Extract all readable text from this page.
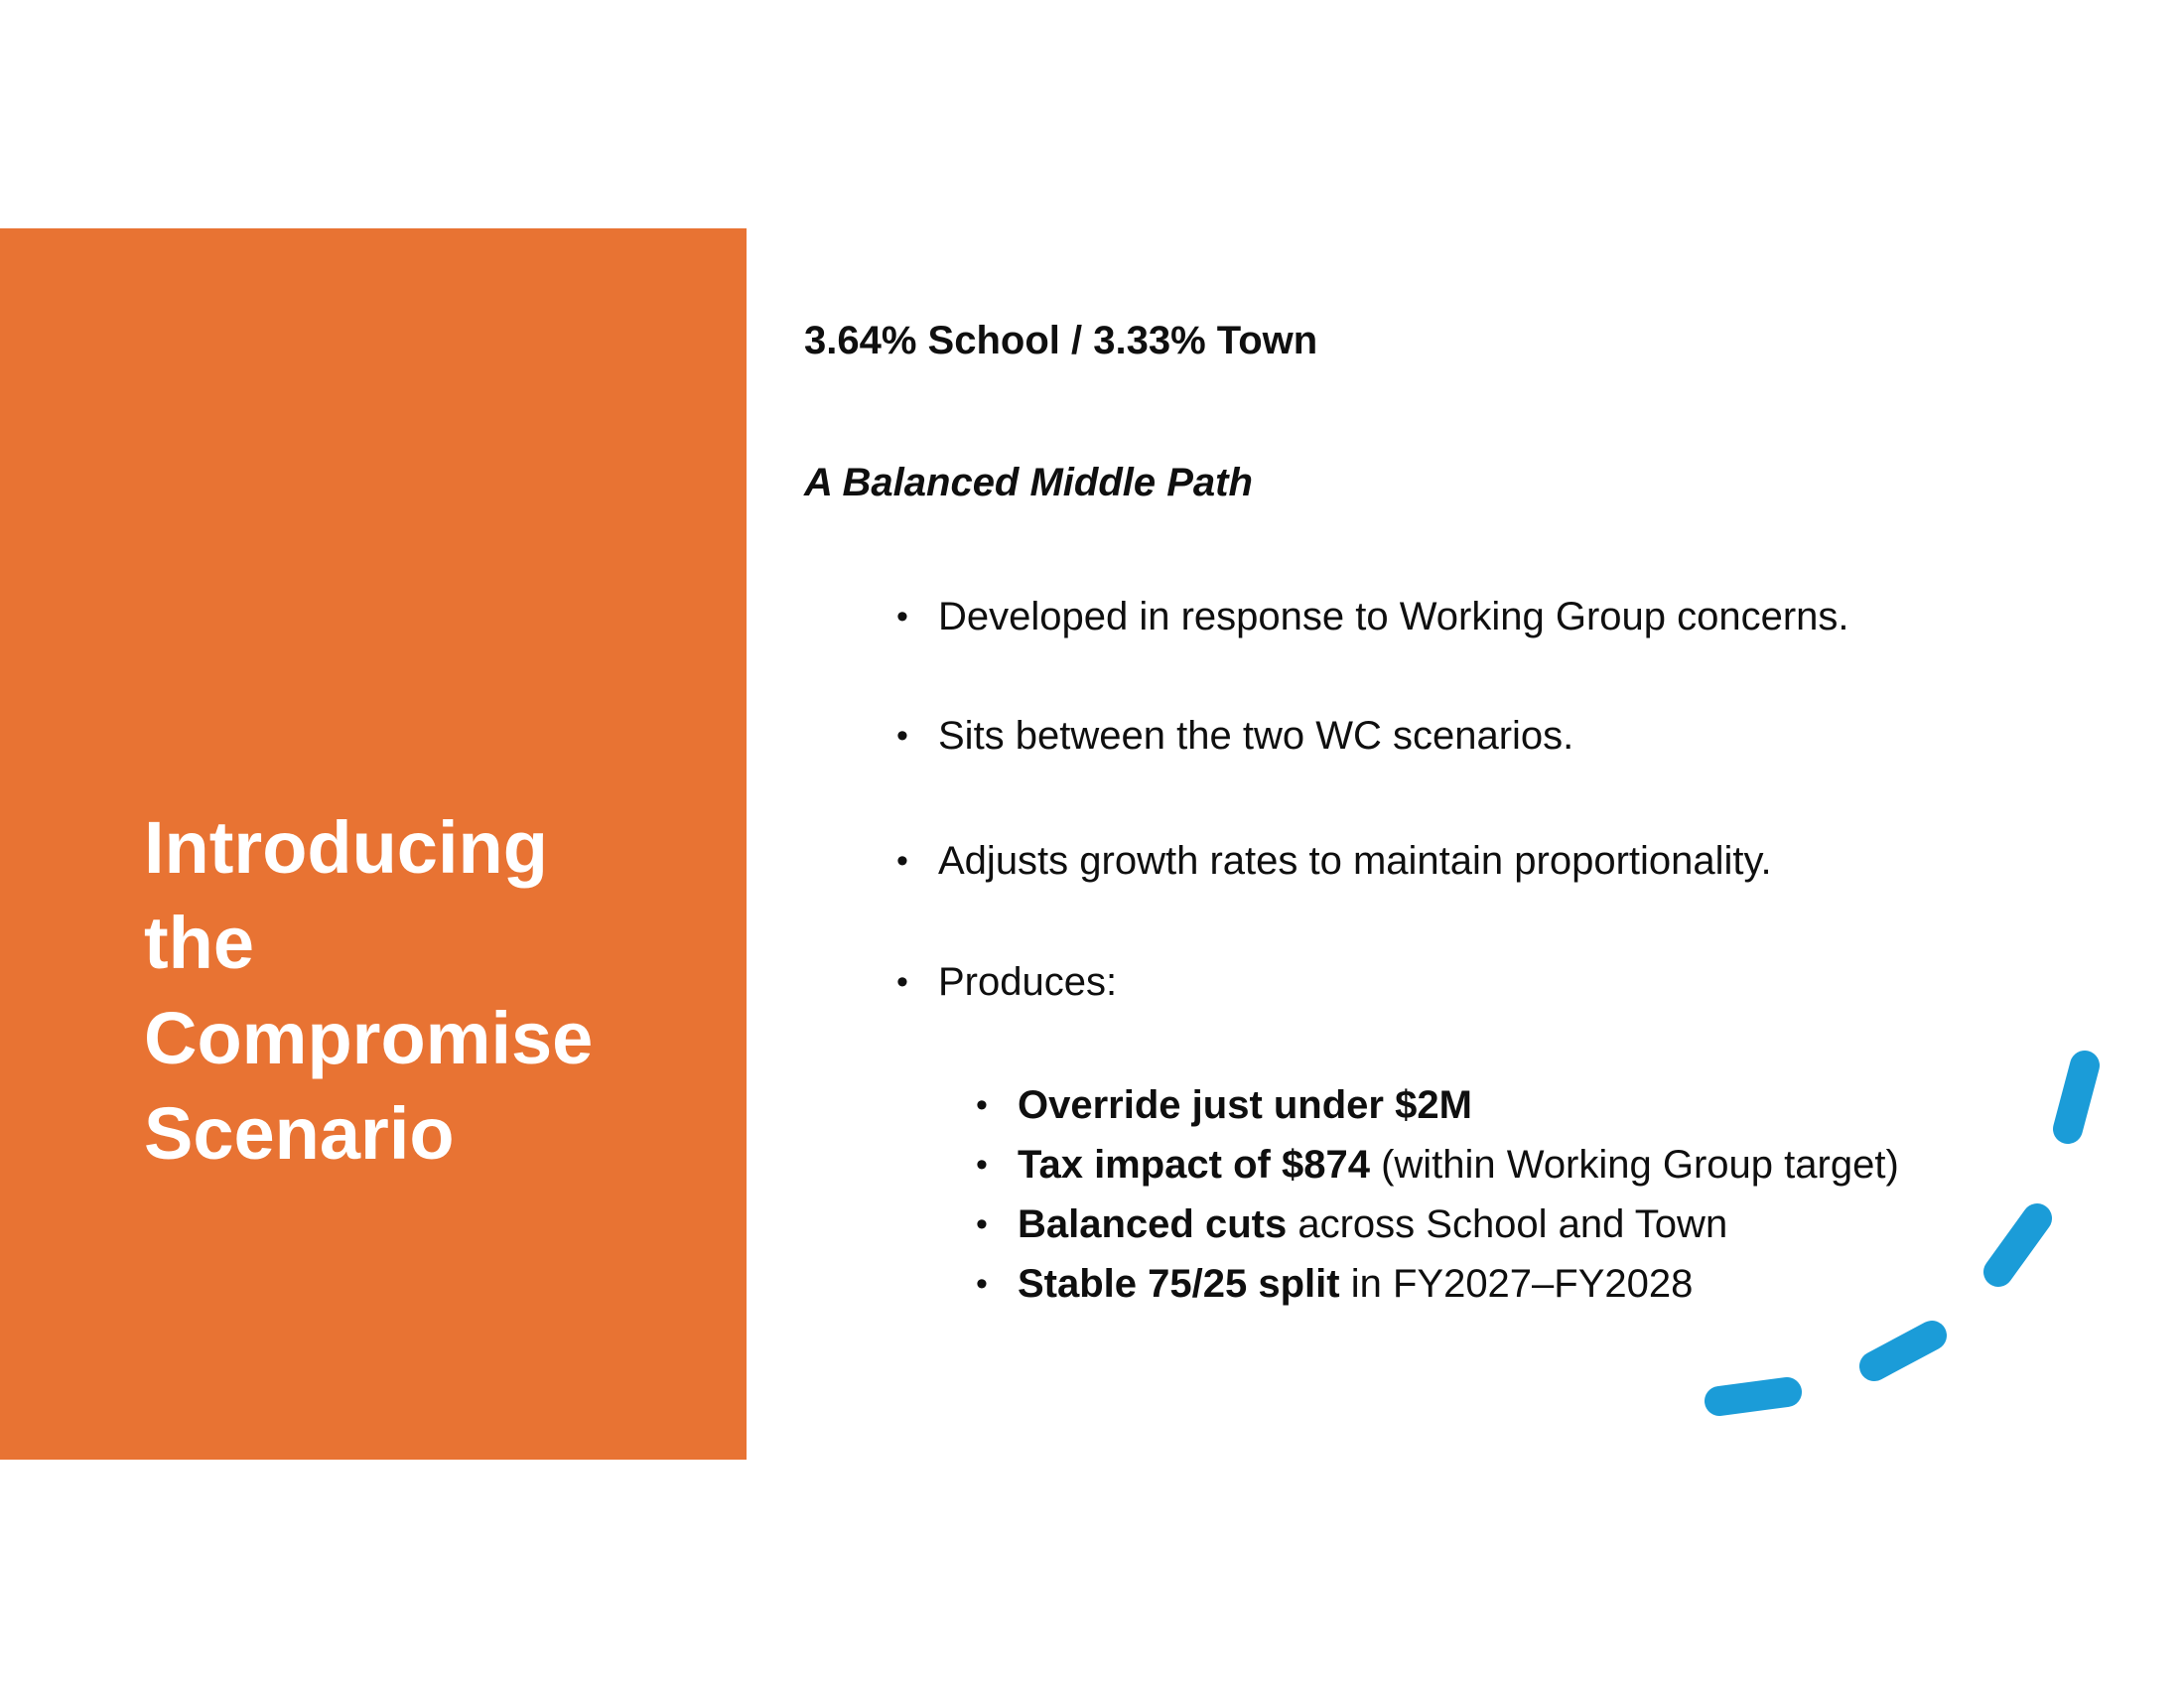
Introducing
the
Compromise
Scenario
3.64% School / 3.33% Town
A Balanced Middle Path
• Developed in response to Working Group concerns.
• Sits between the two WC scenarios.
• Adjusts growth rates to maintain proportionality.
• Produces:
• Override just under $2M
• Tax impact of $874 (within Working Group target)
• Balanced cuts across School and Town
• Stable 75/25 split in FY2027–FY2028
